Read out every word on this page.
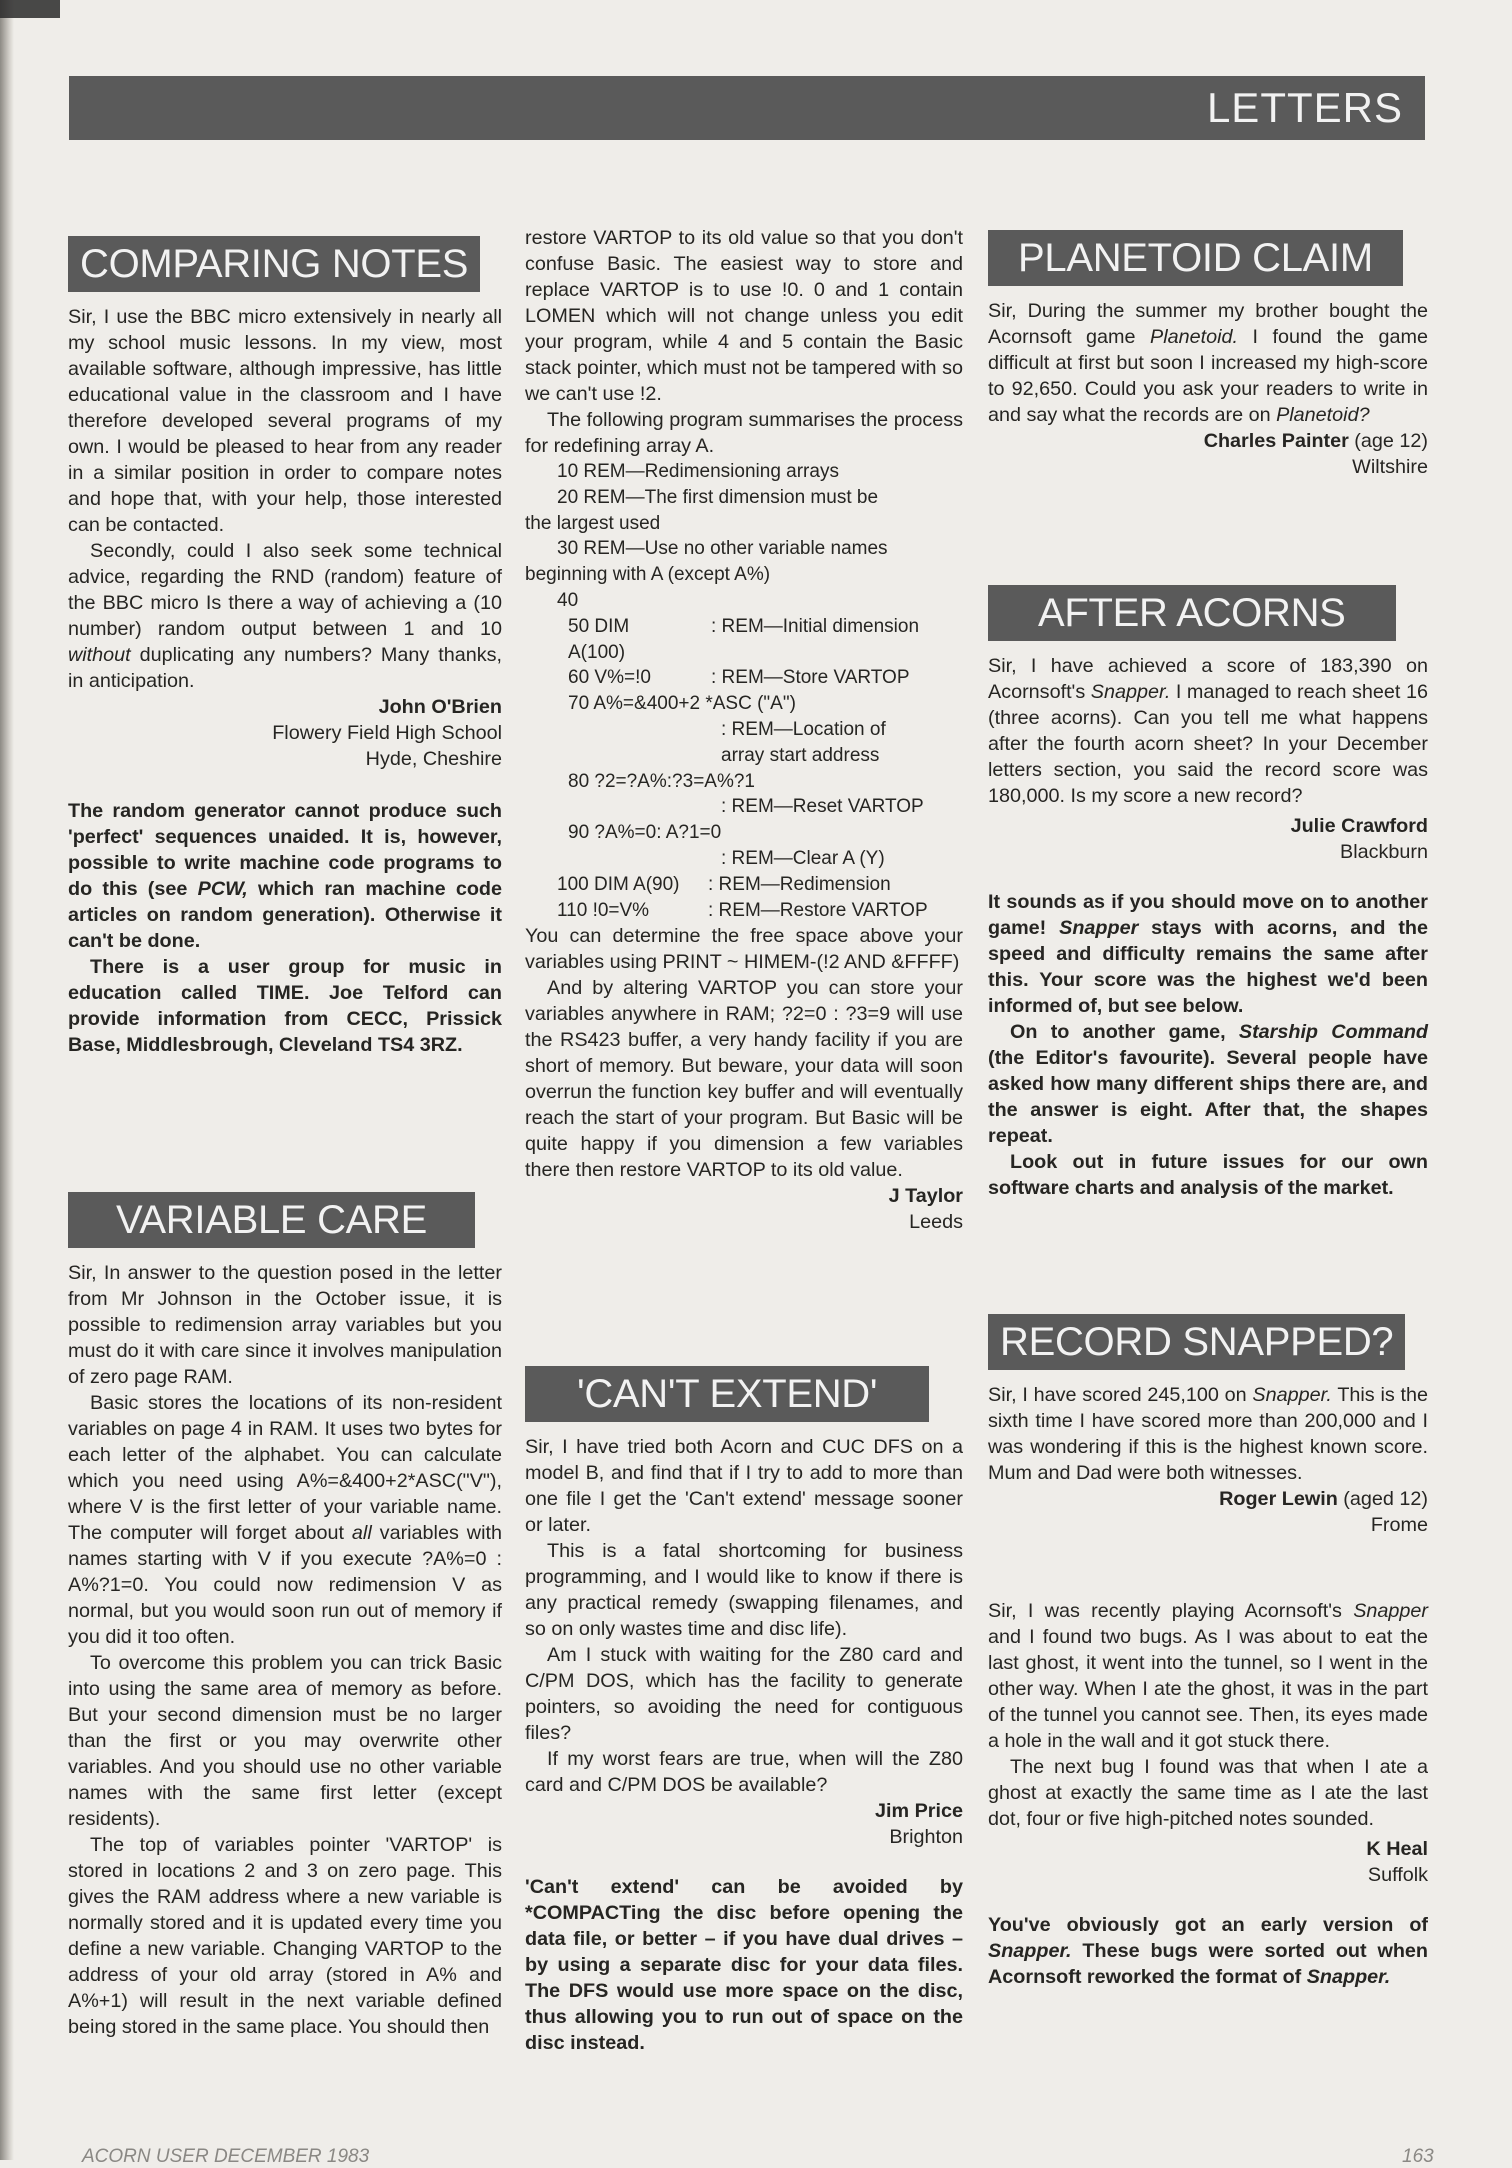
LETTERS
COMPARING NOTES

Sir, I use the BBC micro extensively in nearly all my school music lessons. In my view, most available software, although impressive, has little educational value in the classroom and I have therefore developed several programs of my own. I would be pleased to hear from any reader in a similar position in order to compare notes and hope that, with your help, those interested can be contacted.

Secondly, could I also seek some technical advice, regarding the RND (random) feature of the BBC micro Is there a way of achieving a (10 number) random output between 1 and 10 without duplicating any numbers? Many thanks, in anticipation.

John O'Brien

Flowery Field High School

Hyde, Cheshire

The random generator cannot produce such 'perfect' sequences unaided. It is, however, possible to write machine code programs to do this (see PCW, which ran machine code articles on random generation). Otherwise it can't be done.

There is a user group for music in education called TIME. Joe Telford can provide information from CECC, Prissick Base, Middlesbrough, Cleveland TS4 3RZ.

VARIABLE CARE

Sir, In answer to the question posed in the letter from Mr Johnson in the October issue, it is possible to redimension array variables but you must do it with care since it involves manipulation of zero page RAM.

Basic stores the locations of its non-resident variables on page 4 in RAM. It uses two bytes for each letter of the alphabet. You can calculate which you need using A%=&400+2*ASC("V"), where V is the first letter of your variable name. The computer will forget about all variables with names starting with V if you execute ?A%=0 : A%?1=0. You could now redimension V as normal, but you would soon run out of memory if you did it too often.

To overcome this problem you can trick Basic into using the same area of memory as before. But your second dimension must be no larger than the first or you may overwrite other variables. And you should use no other variable names with the same first letter (except residents).

The top of variables pointer 'VARTOP' is stored in locations 2 and 3 on zero page. This gives the RAM address where a new variable is normally stored and it is updated every time you define a new variable. Changing VARTOP to the address of your old array (stored in A% and A%+1) will result in the next variable defined being stored in the same place. You should then

restore VARTOP to its old value so that you don't confuse Basic. The easiest way to store and replace VARTOP is to use !0. 0 and 1 contain LOMEN which will not change unless you edit your program, while 4 and 5 contain the Basic stack pointer, which must not be tampered with so we can't use !2.

The following program summarises the process for redefining array A.

10 REM—Redimensioning arrays
20 REM—The first dimension must be
the largest used
30 REM—Use no other variable names
beginning with A (except A%)
40
50 DIM A(100)
: REM—Initial dimension
60 V%=!0	: REM—Store VARTOP
70 A%=&400+2 *ASC ("A")
: REM—Location of
array start address
80 ?2=?A%:?3=A%?1
: REM—Reset VARTOP
90 ?A%=0: A?1=0
: REM—Clear A (Y)
100 DIM A(90)	: REM—Redimension
110 !0=V%	: REM—Restore VARTOP

You can determine the free space above your variables using PRINT ~ HIMEM-(!2 AND &FFFF)

And by altering VARTOP you can store your variables anywhere in RAM; ?2=0 : ?3=9 will use the RS423 buffer, a very handy facility if you are short of memory. But beware, your data will soon overrun the function key buffer and will eventually reach the start of your program. But Basic will be quite happy if you dimension a few variables there then restore VARTOP to its old value.

J Taylor

Leeds

'CAN'T EXTEND'

Sir, I have tried both Acorn and CUC DFS on a model B, and find that if I try to add to more than one file I get the 'Can't extend' message sooner or later.

This is a fatal shortcoming for business programming, and I would like to know if there is any practical remedy (swapping filenames, and so on only wastes time and disc life).

Am I stuck with waiting for the Z80 card and C/PM DOS, which has the facility to generate pointers, so avoiding the need for contiguous files?

If my worst fears are true, when will the Z80 card and C/PM DOS be available?

Jim Price

Brighton

'Can't extend' can be avoided by *COMPACTing the disc before opening the data file, or better – if you have dual drives – by using a separate disc for your data files. The DFS would use more space on the disc, thus allowing you to run out of space on the disc instead.

PLANETOID CLAIM

Sir, During the summer my brother bought the Acornsoft game Planetoid. I found the game difficult at first but soon I increased my high-score to 92,650. Could you ask your readers to write in and say what the records are on Planetoid?

Charles Painter (age 12)

Wiltshire

AFTER ACORNS

Sir, I have achieved a score of 183,390 on Acornsoft's Snapper. I managed to reach sheet 16 (three acorns). Can you tell me what happens after the fourth acorn sheet? In your December letters section, you said the record score was 180,000. Is my score a new record?

Julie Crawford

Blackburn

It sounds as if you should move on to another game! Snapper stays with acorns, and the speed and difficulty remains the same after this. Your score was the highest we'd been informed of, but see below.

On to another game, Starship Command (the Editor's favourite). Several people have asked how many different ships there are, and the answer is eight. After that, the shapes repeat.

Look out in future issues for our own software charts and analysis of the market.

RECORD SNAPPED?

Sir, I have scored 245,100 on Snapper. This is the sixth time I have scored more than 200,000 and I was wondering if this is the highest known score. Mum and Dad were both witnesses.

Roger Lewin (aged 12)

Frome

Sir, I was recently playing Acornsoft's Snapper and I found two bugs. As I was about to eat the last ghost, it went into the tunnel, so I went in the other way. When I ate the ghost, it was in the part of the tunnel you cannot see. Then, its eyes made a hole in the wall and it got stuck there.

The next bug I found was that when I ate a ghost at exactly the same time as I ate the last dot, four or five high-pitched notes sounded.

K Heal

Suffolk

You've obviously got an early version of Snapper. These bugs were sorted out when Acornsoft reworked the format of Snapper.

ACORN USER DECEMBER 1983	163
